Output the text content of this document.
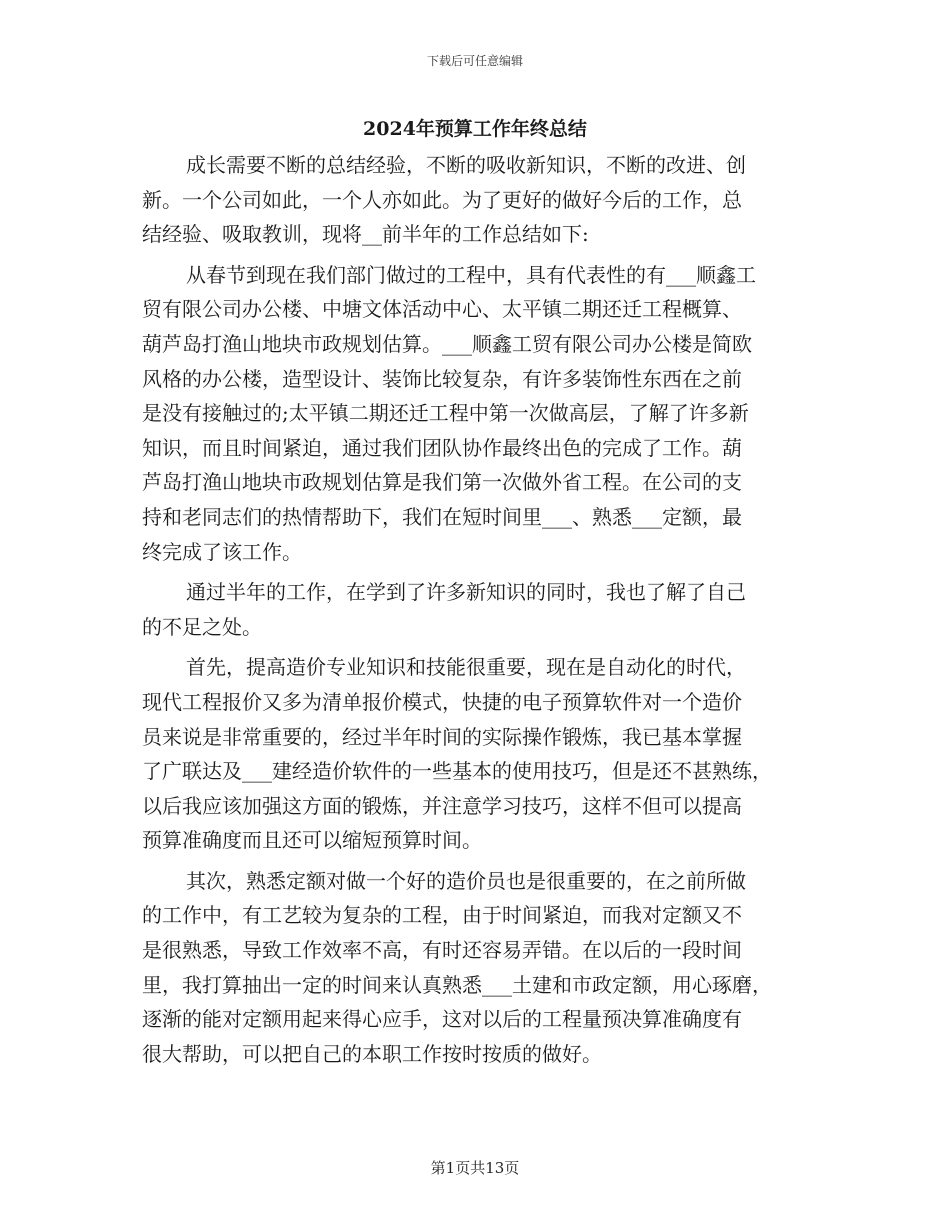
下载后可任意编辑
2024年预算工作年终总结
成长需要不断的总结经验，不断的吸收新知识，不断的改进、创
新。一个公司如此，一个人亦如此。为了更好的做好今后的工作，总
结经验、吸取教训，现将__前半年的工作总结如下:
从春节到现在我们部门做过的工程中，具有代表性的有___顺鑫工
贸有限公司办公楼、中塘文体活动中心、太平镇二期还迁工程概算、
葫芦岛打渔山地块市政规划估算。___顺鑫工贸有限公司办公楼是简欧
风格的办公楼，造型设计、装饰比较复杂，有许多装饰性东西在之前
是没有接触过的;太平镇二期还迁工程中第一次做高层，了解了许多新
知识，而且时间紧迫，通过我们团队协作最终出色的完成了工作。葫
芦岛打渔山地块市政规划估算是我们第一次做外省工程。在公司的支
持和老同志们的热情帮助下，我们在短时间里___、熟悉___定额，最
终完成了该工作。
通过半年的工作，在学到了许多新知识的同时，我也了解了自己
的不足之处。
首先，提高造价专业知识和技能很重要，现在是自动化的时代，
现代工程报价又多为清单报价模式，快捷的电子预算软件对一个造价
员来说是非常重要的，经过半年时间的实际操作锻炼，我已基本掌握
了广联达及___建经造价软件的一些基本的使用技巧，但是还不甚熟练，
以后我应该加强这方面的锻炼，并注意学习技巧，这样不但可以提高
预算准确度而且还可以缩短预算时间。
其次，熟悉定额对做一个好的造价员也是很重要的，在之前所做
的工作中，有工艺较为复杂的工程，由于时间紧迫，而我对定额又不
是很熟悉，导致工作效率不高，有时还容易弄错。在以后的一段时间
里，我打算抽出一定的时间来认真熟悉___土建和市政定额，用心琢磨，
逐渐的能对定额用起来得心应手，这对以后的工程量预决算准确度有
很大帮助，可以把自己的本职工作按时按质的做好。
第1页共13页
